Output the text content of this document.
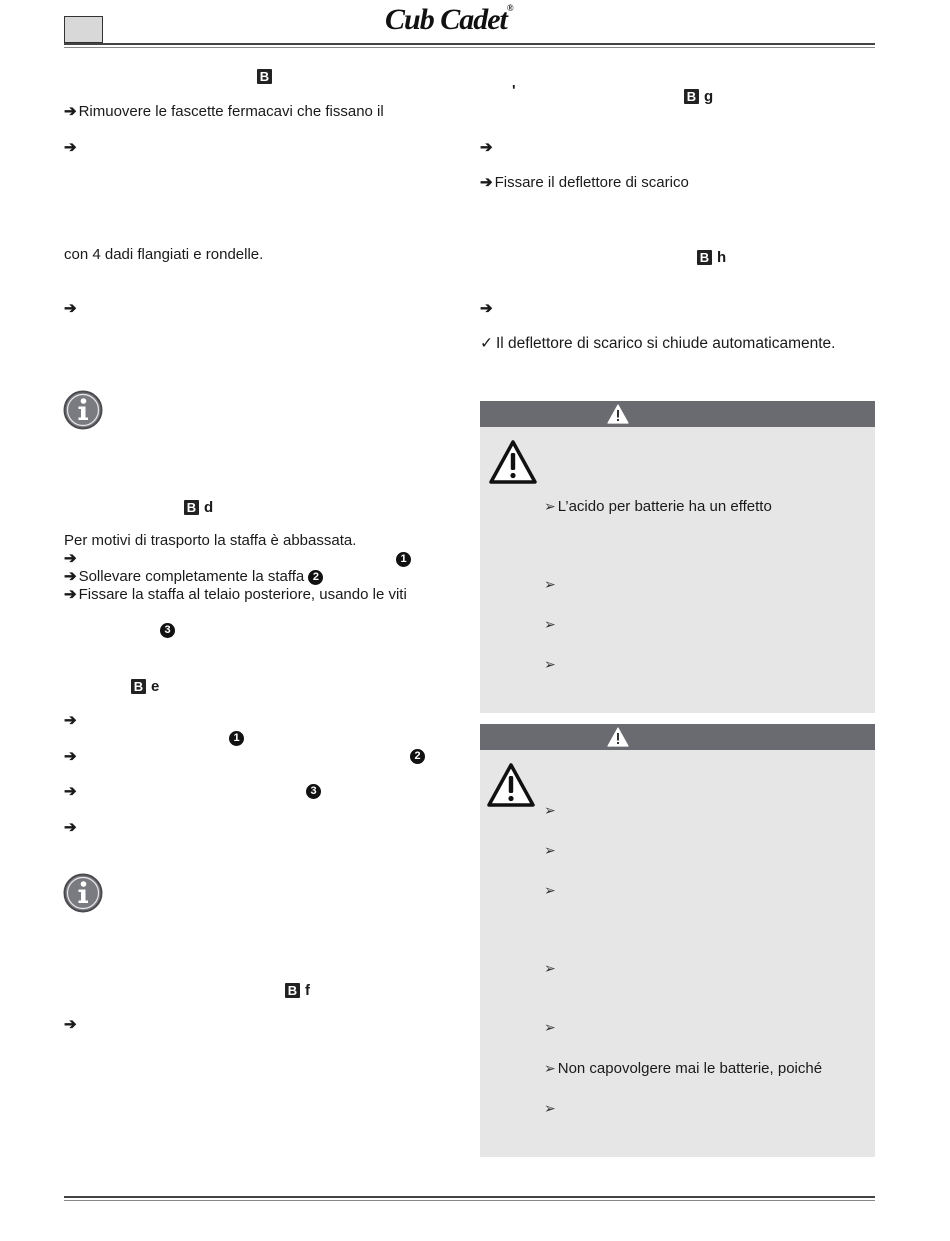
Cub Cadet®
B
➔ Rimuovere le fascette fermacavi che fissano il
➔
con 4 dadi flangiati e rondelle.
➔
B d
Per motivi di trasporto la staffa è abbassata.
➔	1
➔ Sollevare completamente la staffa 2
➔ Fissare la staffa al telaio posteriore, usando le viti
3
B e
➔
1
➔	2
➔	3
➔
B f
➔
'	B g
➔
➔ Fissare il deflettore di scarico
B h
➔
✓ Il deflettore di scarico si chiude automaticamente.
➢ L’acido per batterie ha un effetto
➢
➢
➢
➢
➢
➢
➢
➢
➢ Non capovolgere mai le batterie, poiché
➢
